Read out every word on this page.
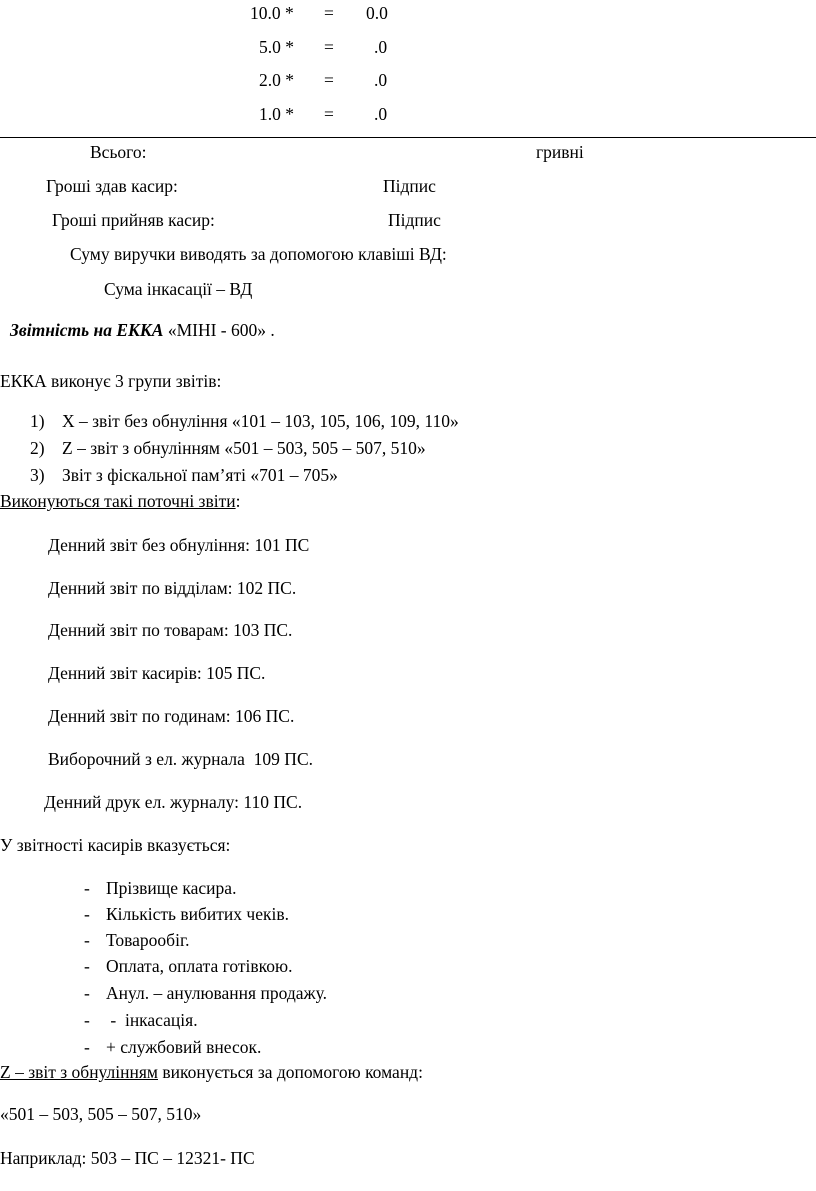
10.0 * = 0.0
5.0 * = .0
2.0 * = .0
1.0 * = .0
Всього:	гривні
Гроші здав касир:	Підпис
Гроші прийняв касир:	Підпис
Суму виручки виводять за допомогою клавіші ВД:
Сума інкасації – ВД
Звітність на ЕККА «МІНІ - 600» .
ЕККА виконує 3 групи звітів:
1) X – звіт без обнуління «101 – 103, 105, 106, 109, 110»
2) Z – звіт з обнулінням «501 – 503, 505 – 507, 510»
3) Звіт з фіскальної пам’яті «701 – 705»
Виконуються такі поточні звіти:
Денний звіт без обнуління: 101 ПС
Денний звіт по відділам: 102 ПС.
Денний звіт по товарам: 103 ПС.
Денний звіт касирів: 105 ПС.
Денний звіт по годинам: 106 ПС.
Виборочний з ел. журнала  109 ПС.
Денний друк ел. журналу: 110 ПС.
У звітності касирів вказується:
- Прізвище касира.
- Кількість вибитих чеків.
- Товарообіг.
- Оплата, оплата готівкою.
- Анул. – анулювання продажу.
- -  інкасація.
- + службовий внесок.
Z – звіт з обнулінням виконується за допомогою команд:
«501 – 503, 505 – 507, 510»
Наприклад: 503 – ПС – 12321- ПС
